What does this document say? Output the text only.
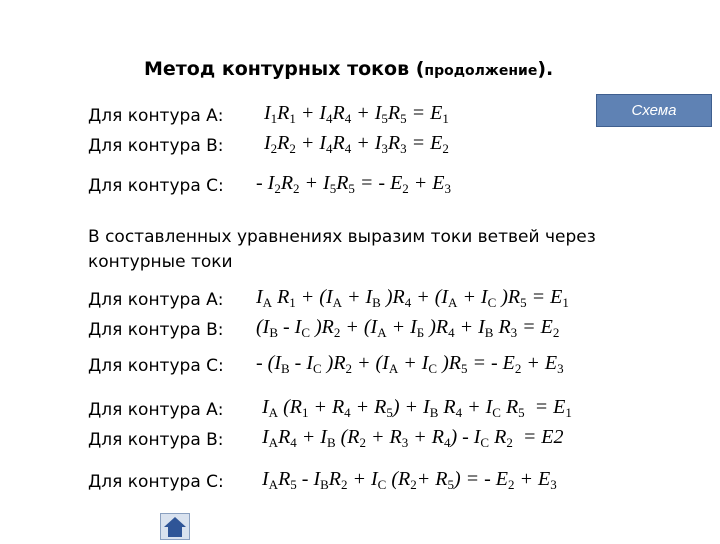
Метод контурных токов (продолжение).
Схема
Для контура А: $I_1R_1 + I_4R_4 + I_5R_5 = E_1$
Для контура В: $I_2R_2 + I_4R_4 + I_3R_3 = E_2$
Для контура С: - $I_2R_2 + I_5R_5$ = - $E_2 + E_3$
В составленных уравнениях выразим токи ветвей через контурные токи
Для контура А: $I_A$ $R_1 + (I_A + I_B$ )$R_4 + (I_A + I_C$ )$R_5 = E_1$
Для контура В: ($I_B - I_C$ )$R_2 + (I_A + I_Б$ )$R_4 + I_B$ $R_3 = E_2$
Для контура С: - ($I_B - I_C$ )$R_2 + (I_A + I_C$ )$R_5$ = - $E_2 + E_3$
Для контура А: $I_A$ $(R_1 + R_4 + R_5) + I_B$ $R_4 + I_C$ $R_5 = E_1$
Для контура В: $I_AR_4 + I_B$ $(R_2 + R_3 + R_4) - I_C$ $R_2 = E2$
Для контура С: $I_AR_5 - I_BR_2 + I_C$ $(R_2+ R_5)$ = - $E_2 + E_3$
